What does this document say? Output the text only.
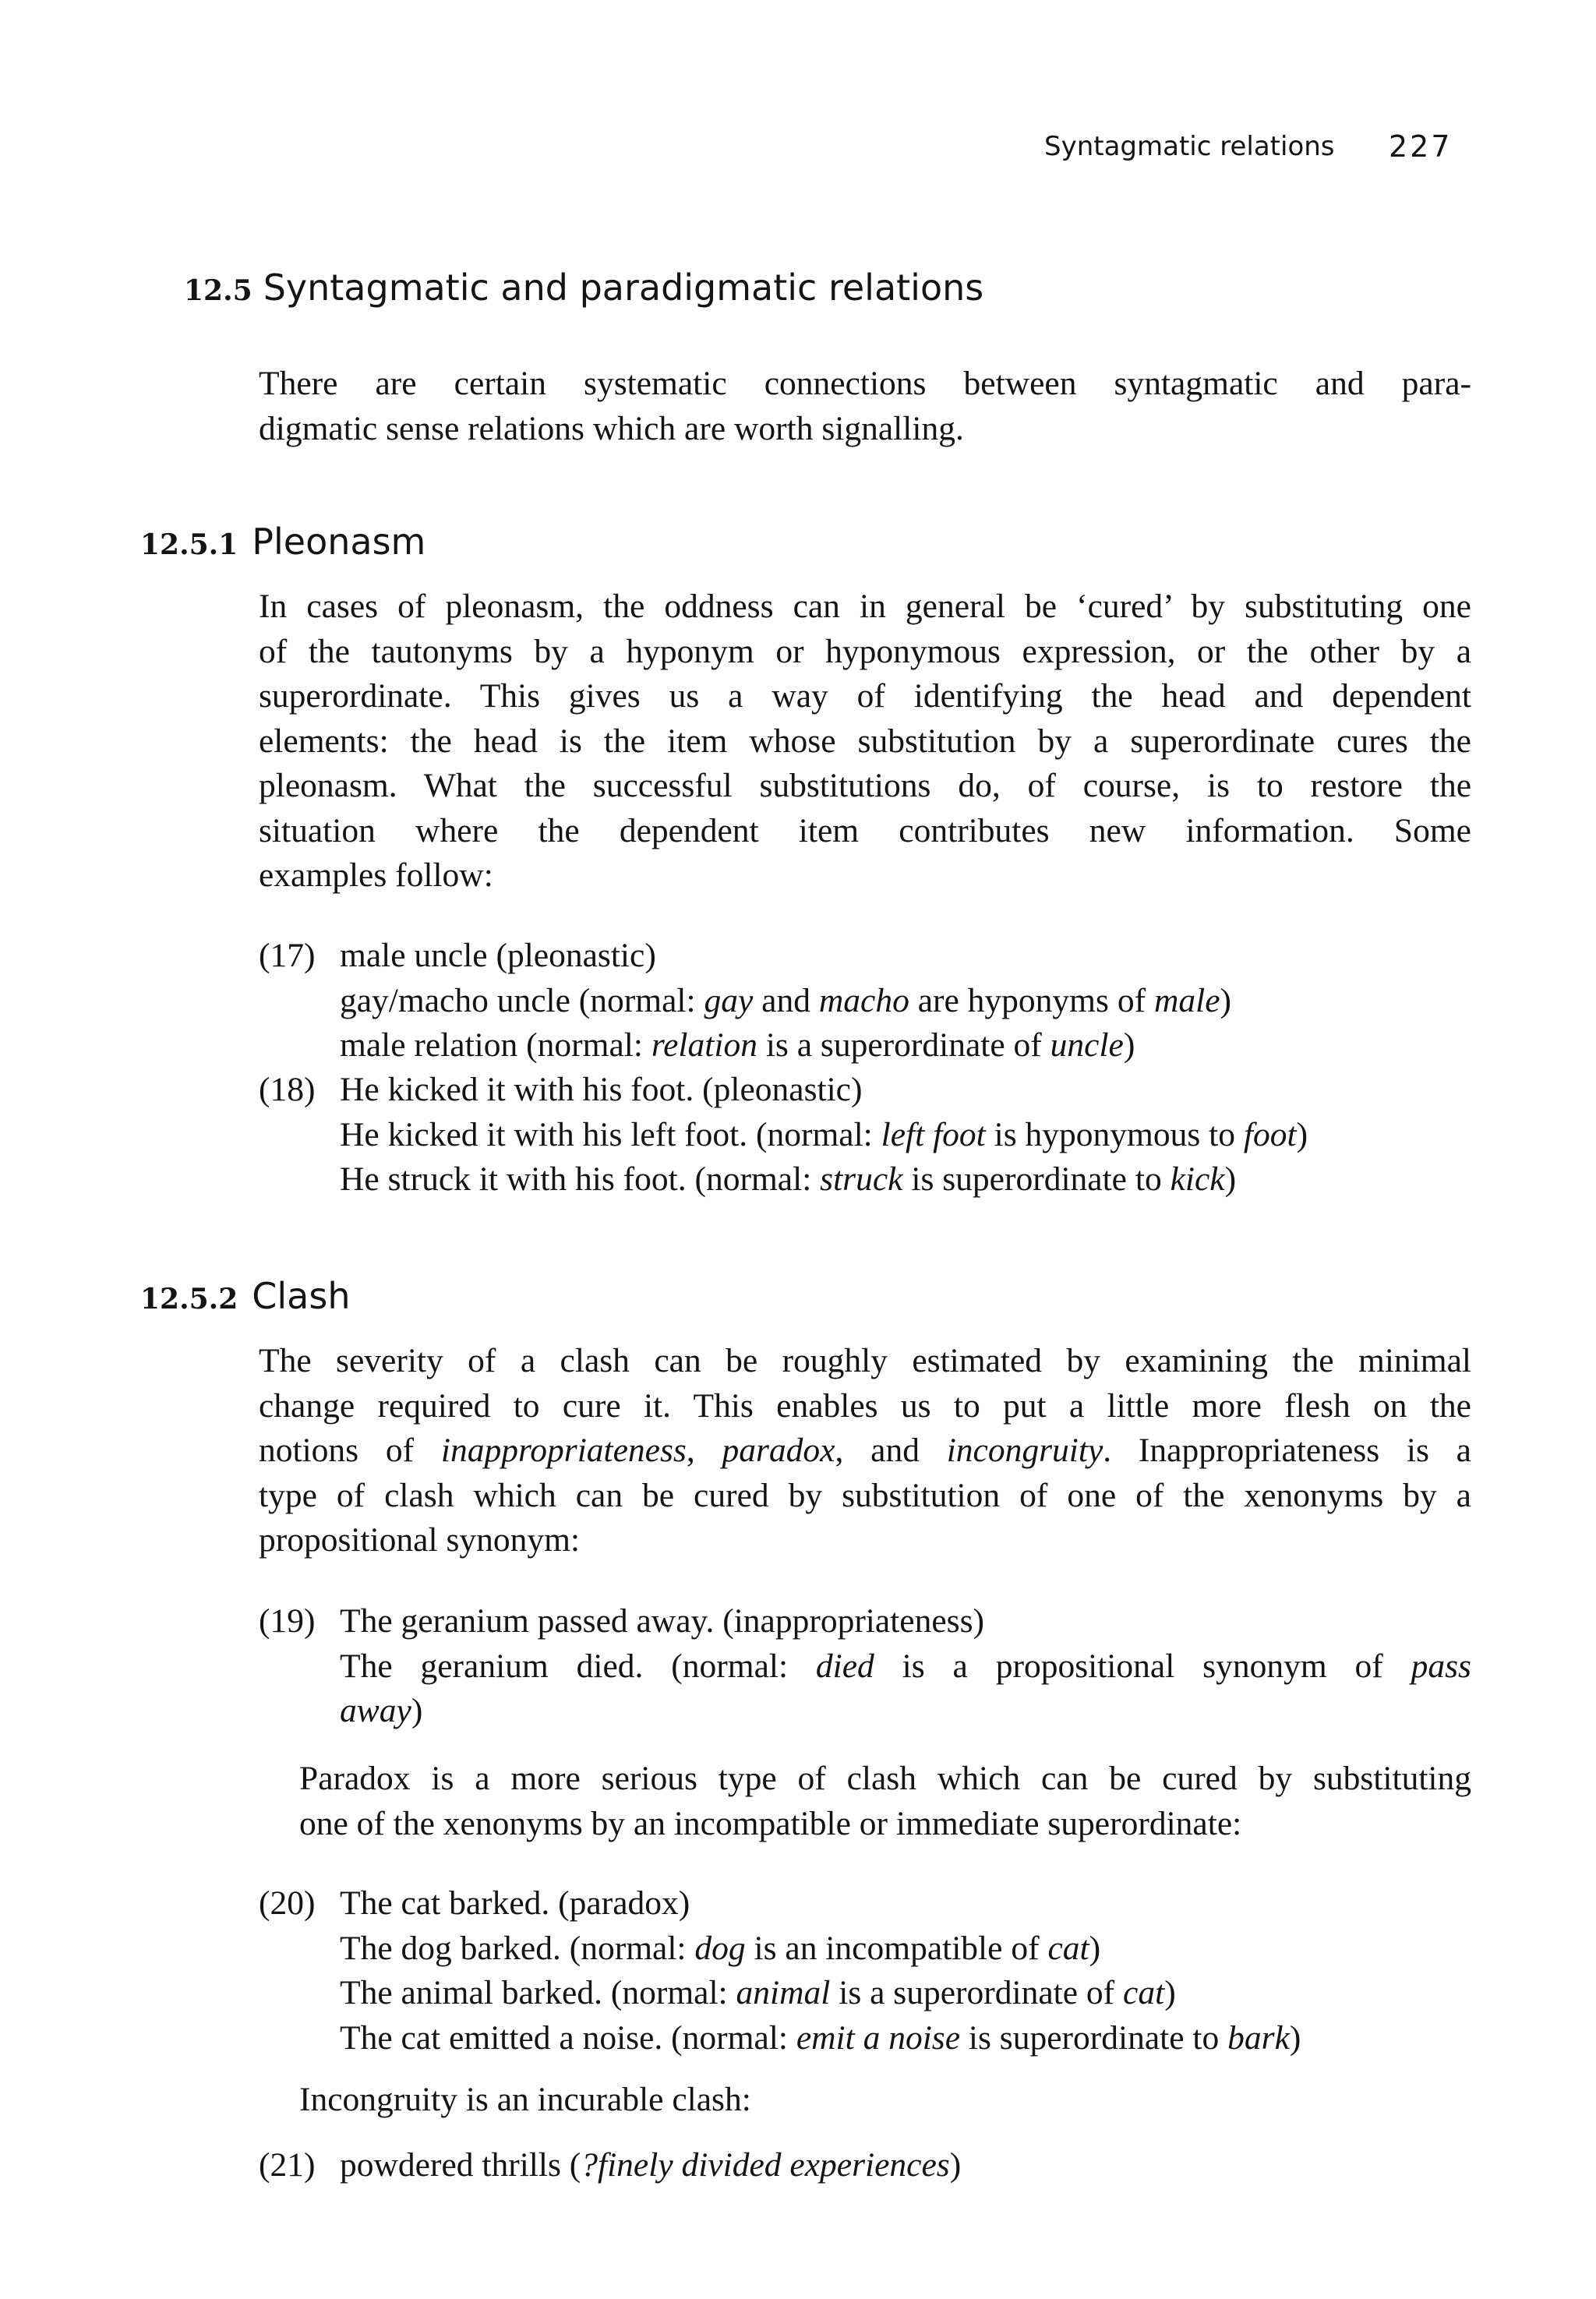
Syntagmatic relations 227
12.5 Syntagmatic and paradigmatic relations
There are certain systematic connections between syntagmatic and para-
digmatic sense relations which are worth signalling.
12.5.1 Pleonasm
In cases of pleonasm, the oddness can in general be ‘cured’ by substituting one
of the tautonyms by a hyponym or hyponymous expression, or the other by a
superordinate. This gives us a way of identifying the head and dependent
elements: the head is the item whose substitution by a superordinate cures the
pleonasm. What the successful substitutions do, of course, is to restore the
situation where the dependent item contributes new information. Some
examples follow:
(17) male uncle (pleonastic)
gay/macho uncle (normal: gay and macho are hyponyms of male)
male relation (normal: relation is a superordinate of uncle)
(18) He kicked it with his foot. (pleonastic)
He kicked it with his left foot. (normal: left foot is hyponymous to foot)
He struck it with his foot. (normal: struck is superordinate to kick)
12.5.2 Clash
The severity of a clash can be roughly estimated by examining the minimal
change required to cure it. This enables us to put a little more flesh on the
notions of inappropriateness, paradox, and incongruity. Inappropriateness is a
type of clash which can be cured by substitution of one of the xenonyms by a
propositional synonym:
(19) The geranium passed away. (inappropriateness)
The geranium died. (normal: died is a propositional synonym of pass
away)
Paradox is a more serious type of clash which can be cured by substituting
one of the xenonyms by an incompatible or immediate superordinate:
(20) The cat barked. (paradox)
The dog barked. (normal: dog is an incompatible of cat)
The animal barked. (normal: animal is a superordinate of cat)
The cat emitted a noise. (normal: emit a noise is superordinate to bark)
Incongruity is an incurable clash:
(21) powdered thrills (?finely divided experiences)
